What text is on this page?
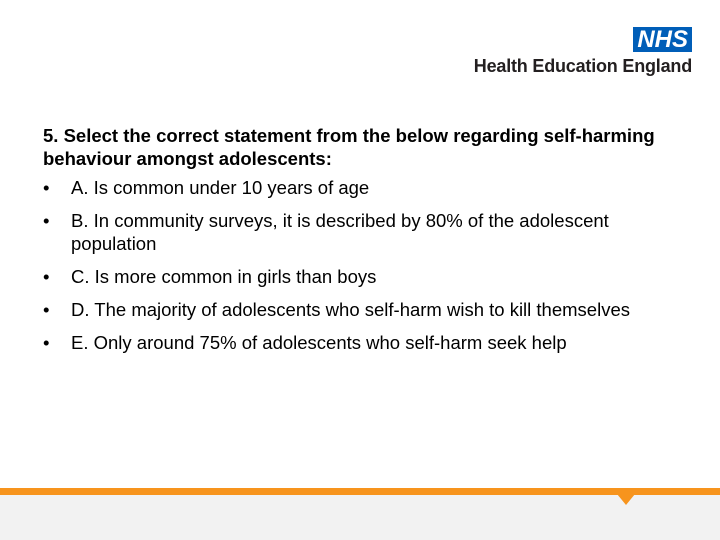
NHS
Health Education England

5. Select the correct statement from the below regarding self-harming behaviour amongst adolescents:

• A. Is common under 10 years of age
• B. In community surveys, it is described by 80% of the adolescent population
• C. Is more common in girls than boys
• D. The majority of adolescents who self-harm wish to kill themselves
• E. Only around 75% of adolescents who self-harm seek help
